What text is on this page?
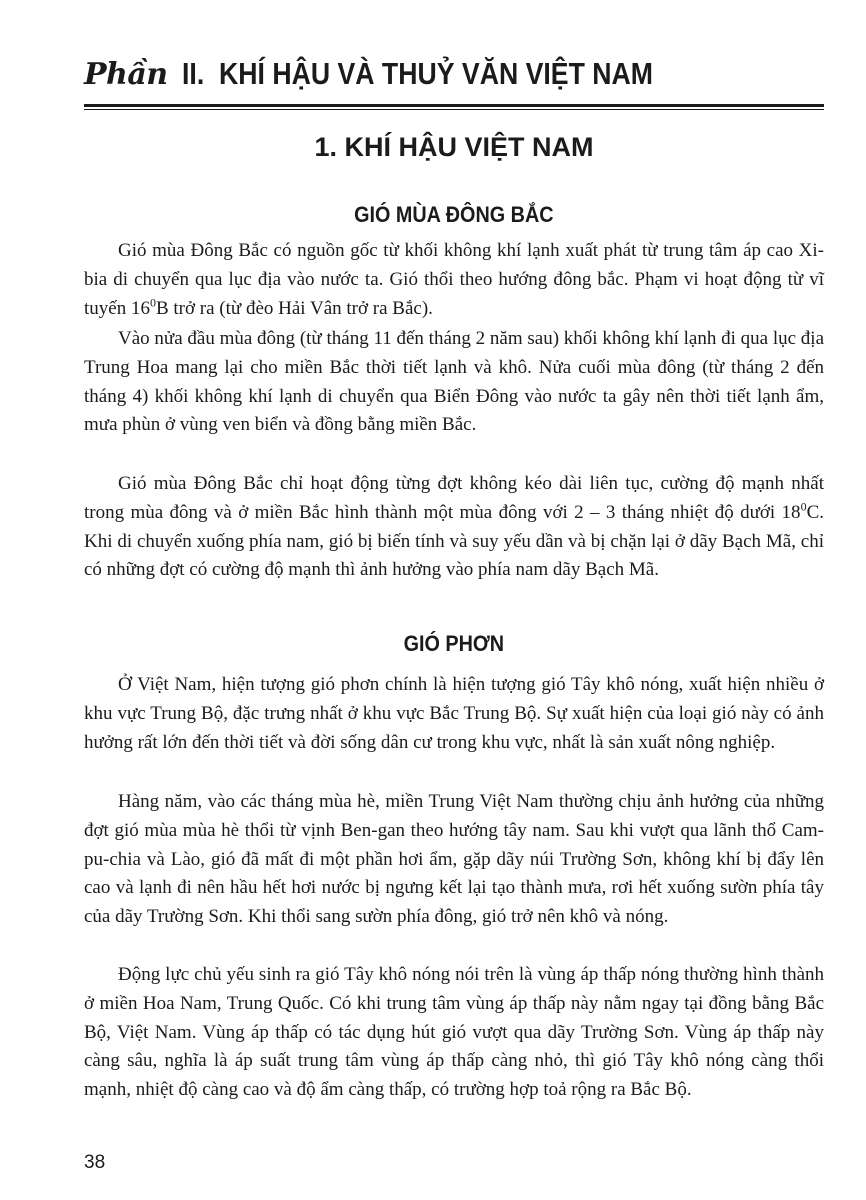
Phần II. KHÍ HẬU VÀ THUỶ VĂN VIỆT NAM
1. KHÍ HẬU VIỆT NAM
GIÓ MÙA ĐÔNG BẮC

Gió mùa Đông Bắc có nguồn gốc từ khối không khí lạnh xuất phát từ trung tâm áp cao Xi-bia di chuyển qua lục địa vào nước ta. Gió thổi theo hướng đông bắc. Phạm vi hoạt động từ vĩ tuyến $16^0B$ trở ra (từ đèo Hải Vân trở ra Bắc).

Vào nửa đầu mùa đông (từ tháng 11 đến tháng 2 năm sau) khối không khí lạnh đi qua lục địa Trung Hoa mang lại cho miền Bắc thời tiết lạnh và khô. Nửa cuối mùa đông (từ tháng 2 đến tháng 4) khối không khí lạnh di chuyển qua Biển Đông vào nước ta gây nên thời tiết lạnh ẩm, mưa phùn ở vùng ven biển và đồng bằng miền Bắc.

Gió mùa Đông Bắc chỉ hoạt động từng đợt không kéo dài liên tục, cường độ mạnh nhất trong mùa đông và ở miền Bắc hình thành một mùa đông với 2 – 3 tháng nhiệt độ dưới $18^0C$. Khi di chuyển xuống phía nam, gió bị biến tính và suy yếu dần và bị chặn lại ở dãy Bạch Mã, chỉ có những đợt có cường độ mạnh thì ảnh hưởng vào phía nam dãy Bạch Mã.

GIÓ PHƠN

Ở Việt Nam, hiện tượng gió phơn chính là hiện tượng gió Tây khô nóng, xuất hiện nhiều ở khu vực Trung Bộ, đặc trưng nhất ở khu vực Bắc Trung Bộ. Sự xuất hiện của loại gió này có ảnh hưởng rất lớn đến thời tiết và đời sống dân cư trong khu vực, nhất là sản xuất nông nghiệp.

Hàng năm, vào các tháng mùa hè, miền Trung Việt Nam thường chịu ảnh hưởng của những đợt gió mùa mùa hè thổi từ vịnh Ben-gan theo hướng tây nam. Sau khi vượt qua lãnh thổ Cam-pu-chia và Lào, gió đã mất đi một phần hơi ẩm, gặp dãy núi Trường Sơn, không khí bị đẩy lên cao và lạnh đi nên hầu hết hơi nước bị ngưng kết lại tạo thành mưa, rơi hết xuống sườn phía tây của dãy Trường Sơn. Khi thổi sang sườn phía đông, gió trở nên khô và nóng.

Động lực chủ yếu sinh ra gió Tây khô nóng nói trên là vùng áp thấp nóng thường hình thành ở miền Hoa Nam, Trung Quốc. Có khi trung tâm vùng áp thấp này nằm ngay tại đồng bằng Bắc Bộ, Việt Nam. Vùng áp thấp có tác dụng hút gió vượt qua dãy Trường Sơn. Vùng áp thấp này càng sâu, nghĩa là áp suất trung tâm vùng áp thấp càng nhỏ, thì gió Tây khô nóng càng thổi mạnh, nhiệt độ càng cao và độ ẩm càng thấp, có trường hợp toả rộng ra Bắc Bộ.

38
